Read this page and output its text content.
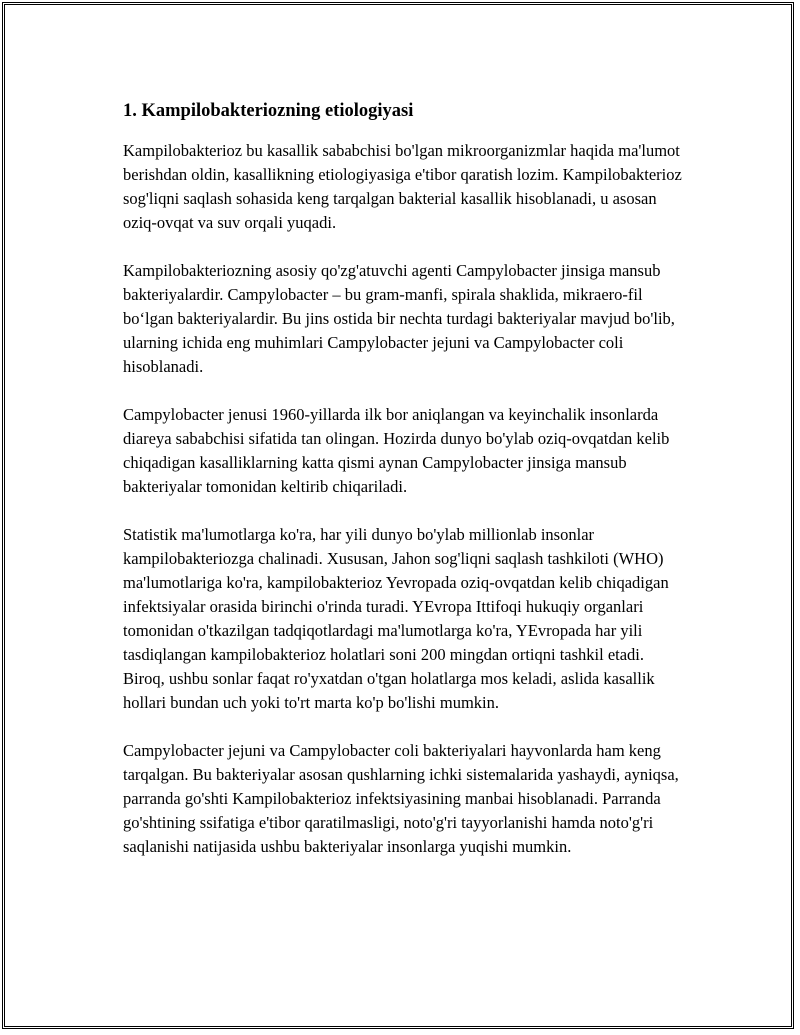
1. Kampilobakteriozning etiologiyasi

Kampilobakterioz bu kasallik sababchisi bo'lgan mikroorganizmlar haqida ma'lumot berishdan oldin, kasallikning etiologiyasiga e'tibor qaratish lozim. Kampilobakterioz sog'liqni saqlash sohasida keng tarqalgan bakterial kasallik hisoblanadi, u asosan oziq-ovqat va suv orqali yuqadi.

Kampilobakteriozning asosiy qo'zg'atuvchi agenti Campylobacter jinsiga mansub bakteriyalardir. Campylobacter – bu gram-manfi, spirala shaklida, mikraero-fil boʻlgan bakteriyalardir. Bu jins ostida bir nechta turdagi bakteriyalar mavjud bo'lib, ularning ichida eng muhimlari Campylobacter jejuni va Campylobacter coli hisoblanadi.

Campylobacter jenusi 1960-yillarda ilk bor aniqlangan va keyinchalik insonlarda diareya sababchisi sifatida tan olingan. Hozirda dunyo bo'ylab oziq-ovqatdan kelib chiqadigan kasalliklarning katta qismi aynan Campylobacter jinsiga mansub bakteriyalar tomonidan keltirib chiqariladi.

Statistik ma'lumotlarga ko'ra, har yili dunyo bo'ylab millionlab insonlar kampilobakteriozga chalinadi. Xususan, Jahon sog'liqni saqlash tashkiloti (WHO) ma'lumotlariga ko'ra, kampilobakterioz Yevropada oziq-ovqatdan kelib chiqadigan infektsiyalar orasida birinchi o'rinda turadi. YEvropa Ittifoqi hukuqiy organlari tomonidan o'tkazilgan tadqiqotlardagi ma'lumotlarga ko'ra, YEvropada har yili tasdiqlangan kampilobakterioz holatlari soni 200 mingdan ortiqni tashkil etadi. Biroq, ushbu sonlar faqat ro'yxatdan o'tgan holatlarga mos keladi, aslida kasallik hollari bundan uch yoki to'rt marta ko'p bo'lishi mumkin.

Campylobacter jejuni va Campylobacter coli bakteriyalari hayvonlarda ham keng tarqalgan. Bu bakteriyalar asosan qushlarning ichki sistemalarida yashaydi, ayniqsa, parranda go'shti Kampilobakterioz infektsiyasining manbai hisoblanadi. Parranda go'shtining ssifatiga e'tibor qaratilmasligi, noto'g'ri tayyorlanishi hamda noto'g'ri saqlanishi natijasida ushbu bakteriyalar insonlarga yuqishi mumkin.
